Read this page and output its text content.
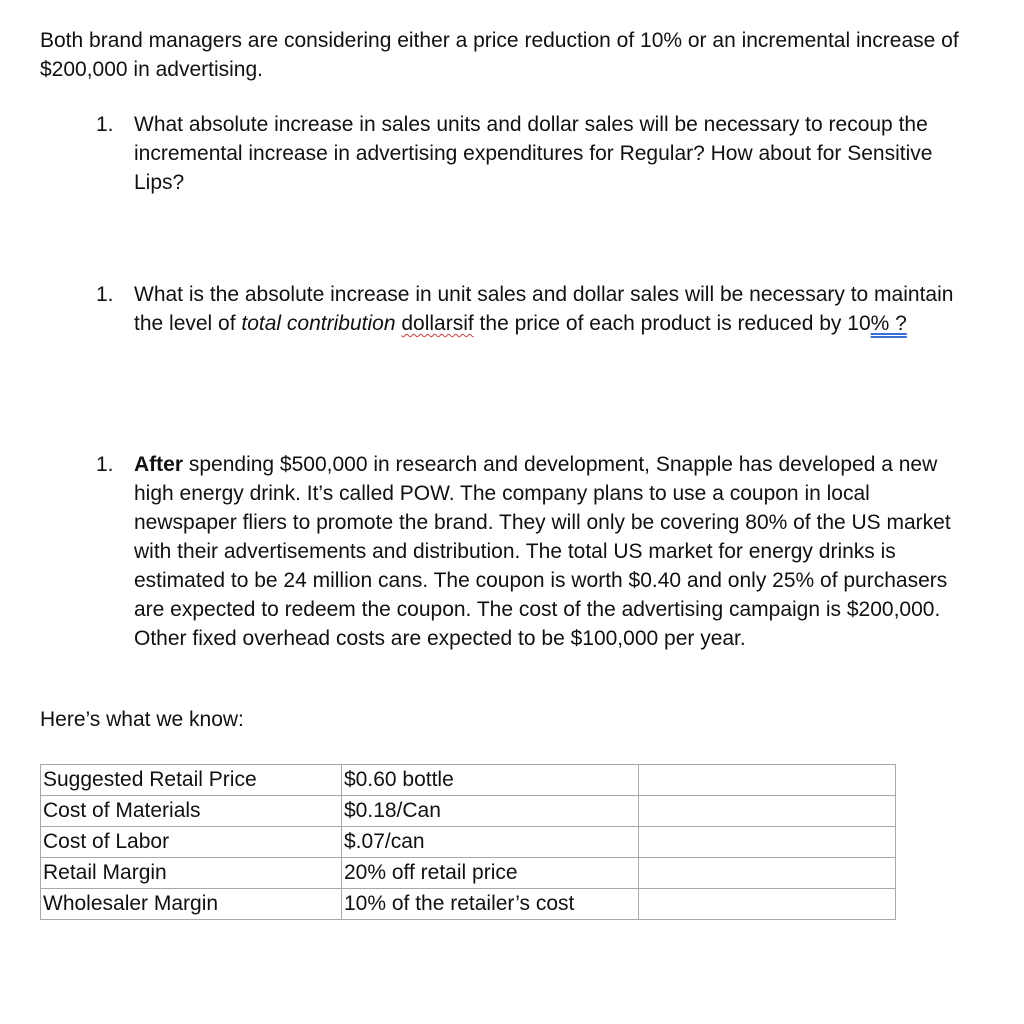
Both brand managers are considering either a price reduction of 10% or an incremental increase of $200,000 in advertising.

1. What absolute increase in sales units and dollar sales will be necessary to recoup the incremental increase in advertising expenditures for Regular? How about for Sensitive Lips?
1. What is the absolute increase in unit sales and dollar sales will be necessary to maintain the level of total contribution dollarsif the price of each product is reduced by 10% ?
1. After spending $500,000 in research and development, Snapple has developed a new high energy drink. It’s called POW. The company plans to use a coupon in local newspaper fliers to promote the brand. They will only be covering 80% of the US market with their advertisements and distribution. The total US market for energy drinks is estimated to be 24 million cans. The coupon is worth $0.40 and only 25% of purchasers are expected to redeem the coupon. The cost of the advertising campaign is $200,000. Other fixed overhead costs are expected to be $100,000 per year.
Here’s what we know:
Suggested Retail Price	$0.60 bottle	
Cost of Materials	$0.18/Can	
Cost of Labor	$.07/can	
Retail Margin	20% off retail price	
Wholesaler Margin	10% of the retailer’s cost	
